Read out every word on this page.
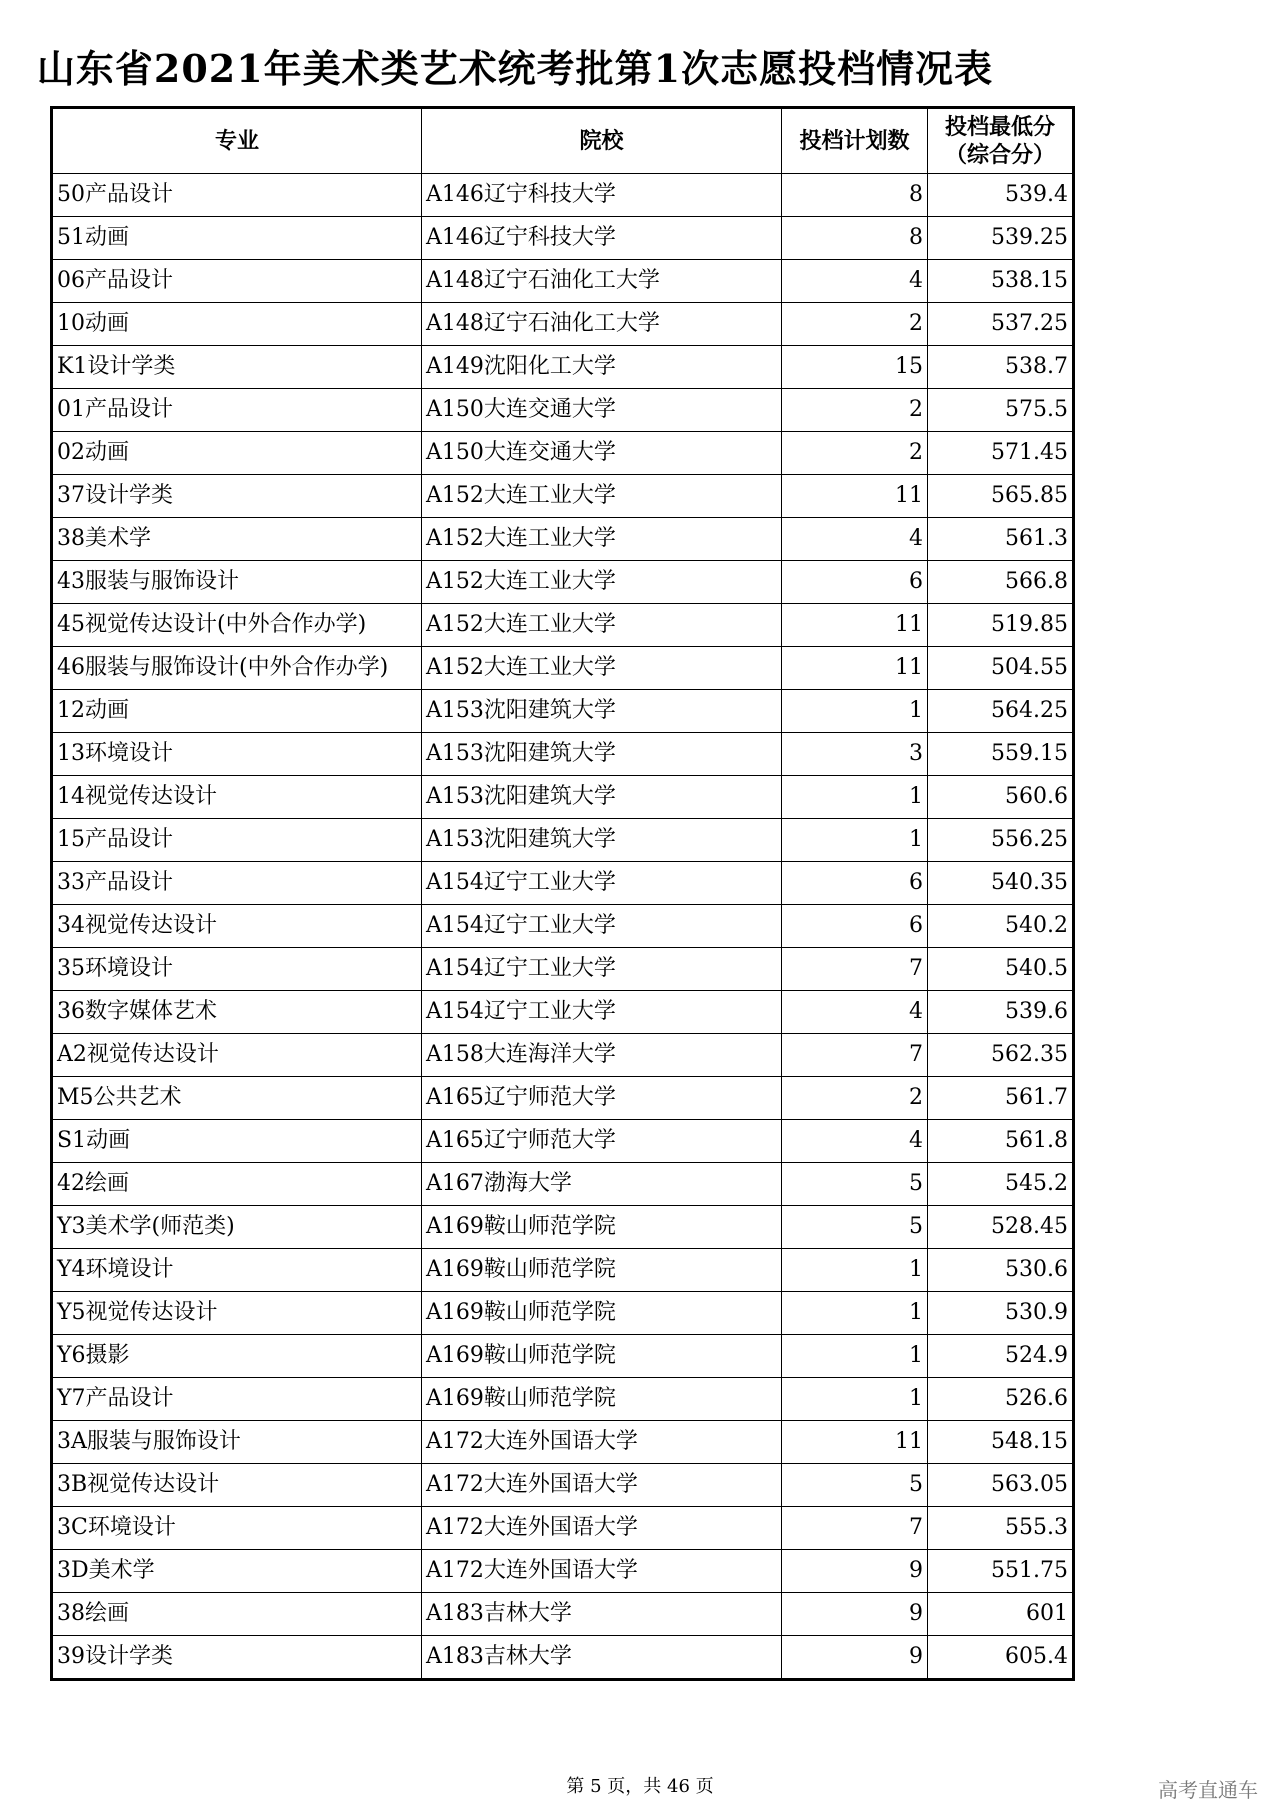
山东省2021年美术类艺术统考批第1次志愿投档情况表
专业	院校	投档计划数	投档最低分
（综合分）

50产品设计	A146辽宁科技大学	8	539.4
51动画	A146辽宁科技大学	8	539.25
06产品设计	A148辽宁石油化工大学	4	538.15
10动画	A148辽宁石油化工大学	2	537.25
K1设计学类	A149沈阳化工大学	15	538.7
01产品设计	A150大连交通大学	2	575.5
02动画	A150大连交通大学	2	571.45
37设计学类	A152大连工业大学	11	565.85
38美术学	A152大连工业大学	4	561.3
43服装与服饰设计	A152大连工业大学	6	566.8
45视觉传达设计(中外合作办学)	A152大连工业大学	11	519.85
46服装与服饰设计(中外合作办学)	A152大连工业大学	11	504.55
12动画	A153沈阳建筑大学	1	564.25
13环境设计	A153沈阳建筑大学	3	559.15
14视觉传达设计	A153沈阳建筑大学	1	560.6
15产品设计	A153沈阳建筑大学	1	556.25
33产品设计	A154辽宁工业大学	6	540.35
34视觉传达设计	A154辽宁工业大学	6	540.2
35环境设计	A154辽宁工业大学	7	540.5
36数字媒体艺术	A154辽宁工业大学	4	539.6
A2视觉传达设计	A158大连海洋大学	7	562.35
M5公共艺术	A165辽宁师范大学	2	561.7
S1动画	A165辽宁师范大学	4	561.8
42绘画	A167渤海大学	5	545.2
Y3美术学(师范类)	A169鞍山师范学院	5	528.45
Y4环境设计	A169鞍山师范学院	1	530.6
Y5视觉传达设计	A169鞍山师范学院	1	530.9
Y6摄影	A169鞍山师范学院	1	524.9
Y7产品设计	A169鞍山师范学院	1	526.6
3A服装与服饰设计	A172大连外国语大学	11	548.15
3B视觉传达设计	A172大连外国语大学	5	563.05
3C环境设计	A172大连外国语大学	7	555.3
3D美术学	A172大连外国语大学	9	551.75
38绘画	A183吉林大学	9	601
39设计学类	A183吉林大学	9	605.4
第 5 页，共 46 页	高考直通车
